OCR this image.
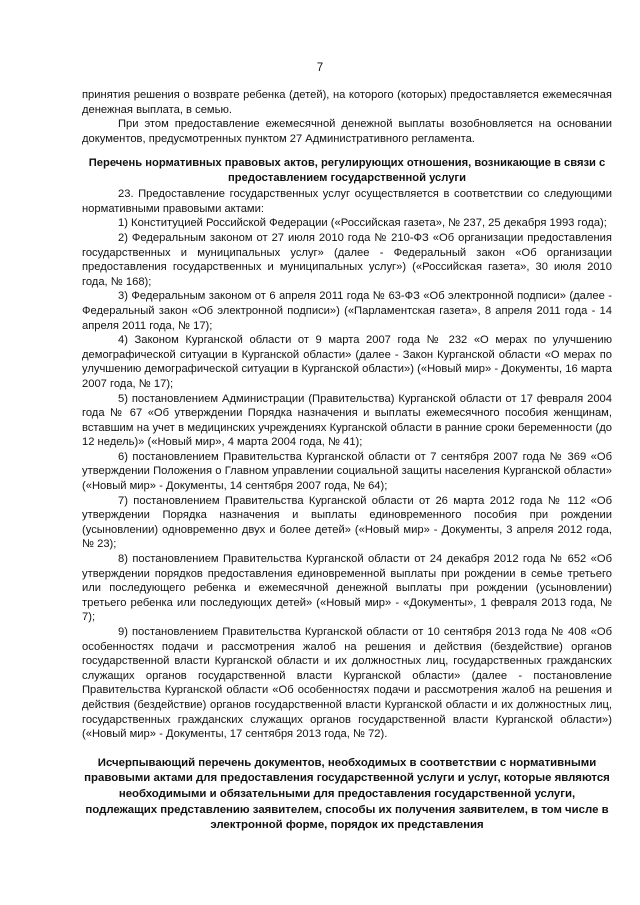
7

принятия решения о возврате ребенка (детей), на которого (которых) предоставляется ежемесячная денежная выплата, в семью.

При этом предоставление ежемесячной денежной выплаты возобновляется на основании документов, предусмотренных пунктом 27 Административного регламента.

Перечень нормативных правовых актов, регулирующих отношения, возникающие в связи с предоставлением государственной услуги

23. Предоставление государственных услуг осуществляется в соответствии со следующими нормативными правовыми актами:

1) Конституцией Российской Федерации («Российская газета», № 237, 25 декабря 1993 года);

2) Федеральным законом от 27 июля 2010 года № 210-ФЗ «Об организации предоставления государственных и муниципальных услуг» (далее - Федеральный закон «Об организации предоставления государственных и муниципальных услуг») («Российская газета», 30 июля 2010 года, № 168);

3) Федеральным законом от 6 апреля 2011 года № 63-ФЗ «Об электронной подписи» (далее - Федеральный закон «Об электронной подписи») («Парламентская газета», 8 апреля 2011 года - 14 апреля 2011 года, № 17);

4) Законом Курганской области от 9 марта 2007 года № 232 «О мерах по улучшению демографической ситуации в Курганской области» (далее - Закон Курганской области «О мерах по улучшению демографической ситуации в Курганской области») («Новый мир» - Документы, 16 марта 2007 года, № 17);

5) постановлением Администрации (Правительства) Курганской области от 17 февраля 2004 года № 67 «Об утверждении Порядка назначения и выплаты ежемесячного пособия женщинам, вставшим на учет в медицинских учреждениях Курганской области в ранние сроки беременности (до 12 недель)» («Новый мир», 4 марта 2004 года, № 41);

6) постановлением Правительства Курганской области от 7 сентября 2007 года № 369 «Об утверждении Положения о Главном управлении социальной защиты населения Курганской области» («Новый мир» - Документы, 14 сентября 2007 года, № 64);

7) постановлением Правительства Курганской области от 26 марта 2012 года № 112 «Об утверждении Порядка назначения и выплаты единовременного пособия при рождении (усыновлении) одновременно двух и более детей» («Новый мир» - Документы, 3 апреля 2012 года, № 23);

8) постановлением Правительства Курганской области от 24 декабря 2012 года № 652 «Об утверждении порядков предоставления единовременной выплаты при рождении в семье третьего или последующего ребенка и ежемесячной денежной выплаты при рождении (усыновлении) третьего ребенка или последующих детей» («Новый мир» - «Документы», 1 февраля 2013 года, № 7);

9) постановлением Правительства Курганской области от 10 сентября 2013 года № 408 «Об особенностях подачи и рассмотрения жалоб на решения и действия (бездействие) органов государственной власти Курганской области и их должностных лиц, государственных гражданских служащих органов государственной власти Курганской области» (далее - постановление Правительства Курганской области «Об особенностях подачи и рассмотрения жалоб на решения и действия (бездействие) органов государственной власти Курганской области и их должностных лиц, государственных гражданских служащих органов государственной власти Курганской области») («Новый мир» - Документы, 17 сентября 2013 года, № 72).

Исчерпывающий перечень документов, необходимых в соответствии с нормативными правовыми актами для предоставления государственной услуги и услуг, которые являются необходимыми и обязательными для предоставления государственной услуги, подлежащих представлению заявителем, способы их получения заявителем, в том числе в электронной форме, порядок их представления
